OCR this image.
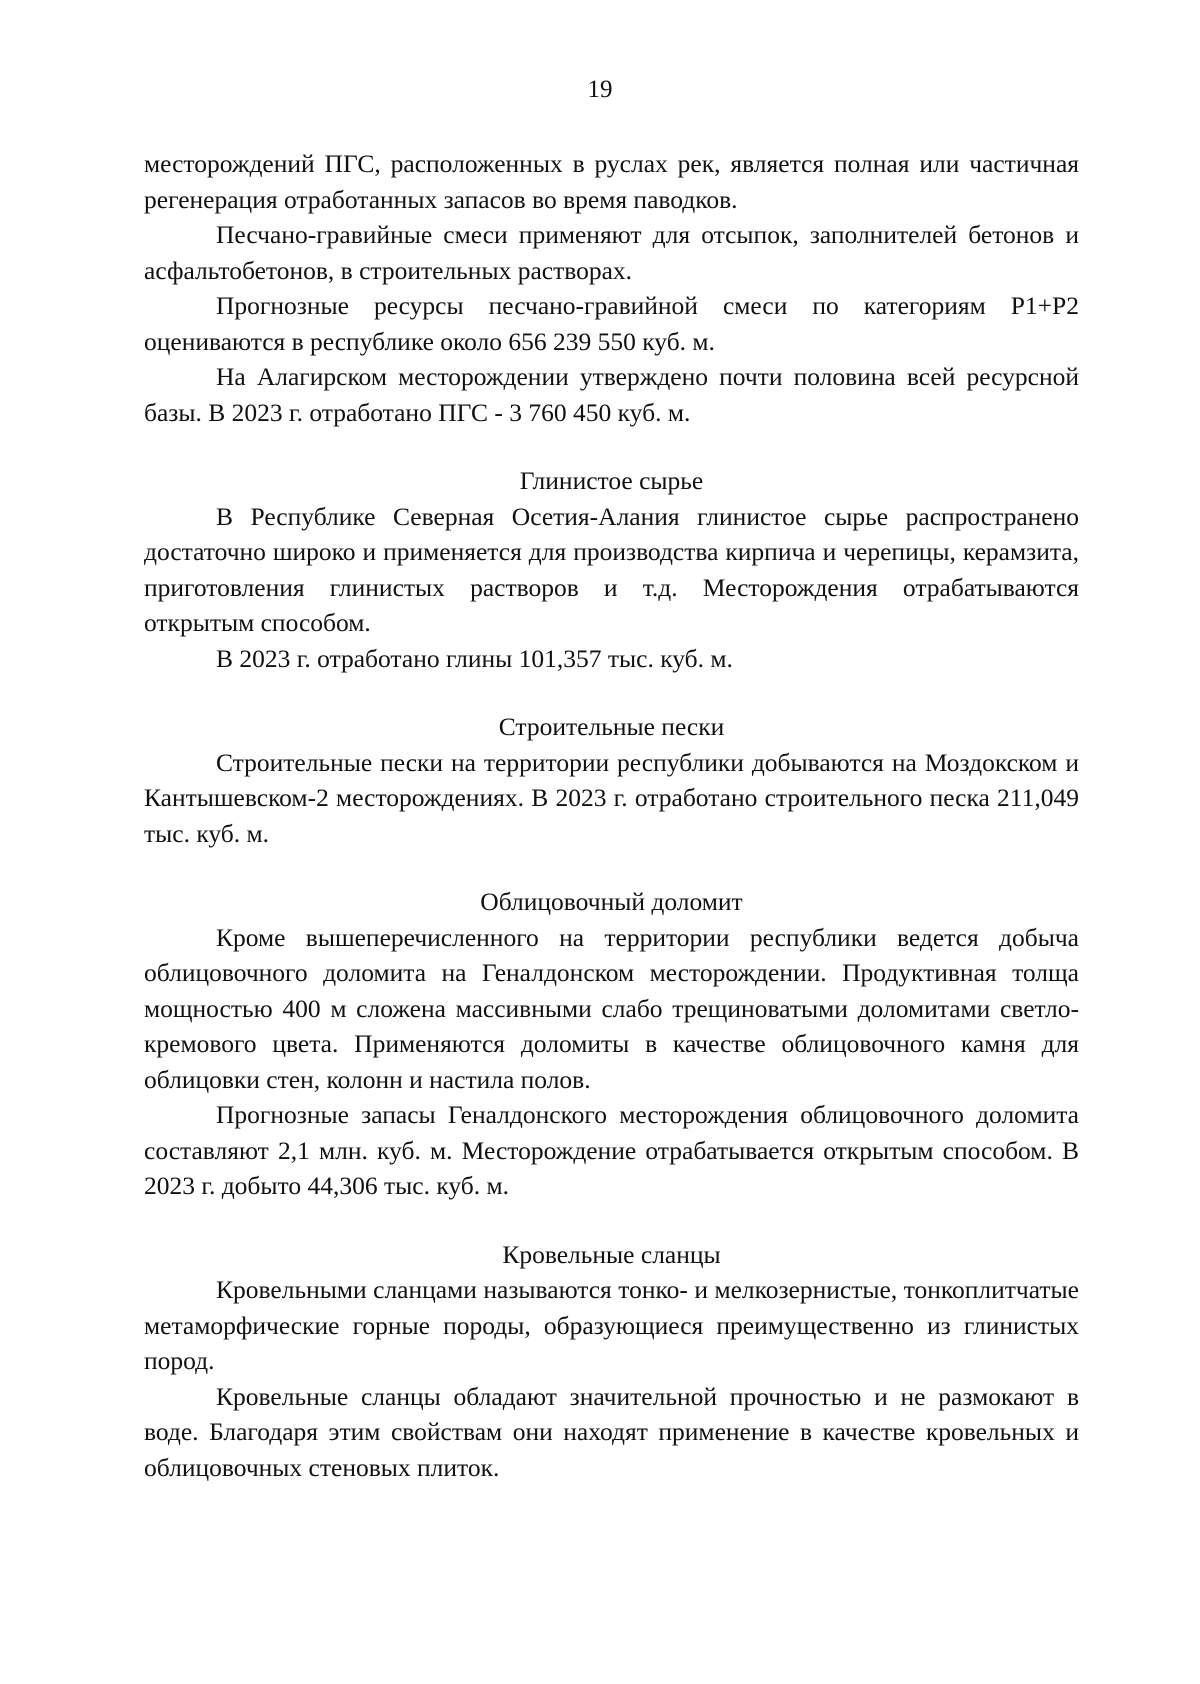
19

месторождений ПГС, расположенных в руслах рек, является полная или частичная регенерация отработанных запасов во время паводков.

Песчано-гравийные смеси применяют для отсыпок, заполнителей бетонов и асфальтобетонов, в строительных растворах.

Прогнозные ресурсы песчано-гравийной смеси по категориям Р1+Р2 оцениваются в республике около 656 239 550 куб. м.

На Алагирском месторождении утверждено почти половина всей ресурсной базы. В 2023 г. отработано ПГС - 3 760 450 куб. м.

Глинистое сырье

В Республике Северная Осетия-Алания глинистое сырье распространено достаточно широко и применяется для производства кирпича и черепицы, керамзита, приготовления глинистых растворов и т.д. Месторождения отрабатываются открытым способом.

В 2023 г. отработано глины 101,357 тыс. куб. м.

Строительные пески

Строительные пески на территории республики добываются на Моздокском и Кантышевском-2 месторождениях. В 2023 г. отработано строительного песка 211,049 тыс. куб. м.

Облицовочный доломит

Кроме вышеперечисленного на территории республики ведется добыча облицовочного доломита на Геналдонском месторождении. Продуктивная толща мощностью 400 м сложена массивными слабо трещиноватыми доломитами светло-кремового цвета. Применяются доломиты в качестве облицовочного камня для облицовки стен, колонн и настила полов.

Прогнозные запасы Геналдонского месторождения облицовочного доломита составляют 2,1 млн. куб. м. Месторождение отрабатывается открытым способом. В 2023 г. добыто 44,306 тыс. куб. м.

Кровельные сланцы

Кровельными сланцами называются тонко- и мелкозернистые, тонкоплитчатые метаморфические горные породы, образующиеся преимущественно из глинистых пород.

Кровельные сланцы обладают значительной прочностью и не размокают в воде. Благодаря этим свойствам они находят применение в качестве кровельных и облицовочных стеновых плиток.
